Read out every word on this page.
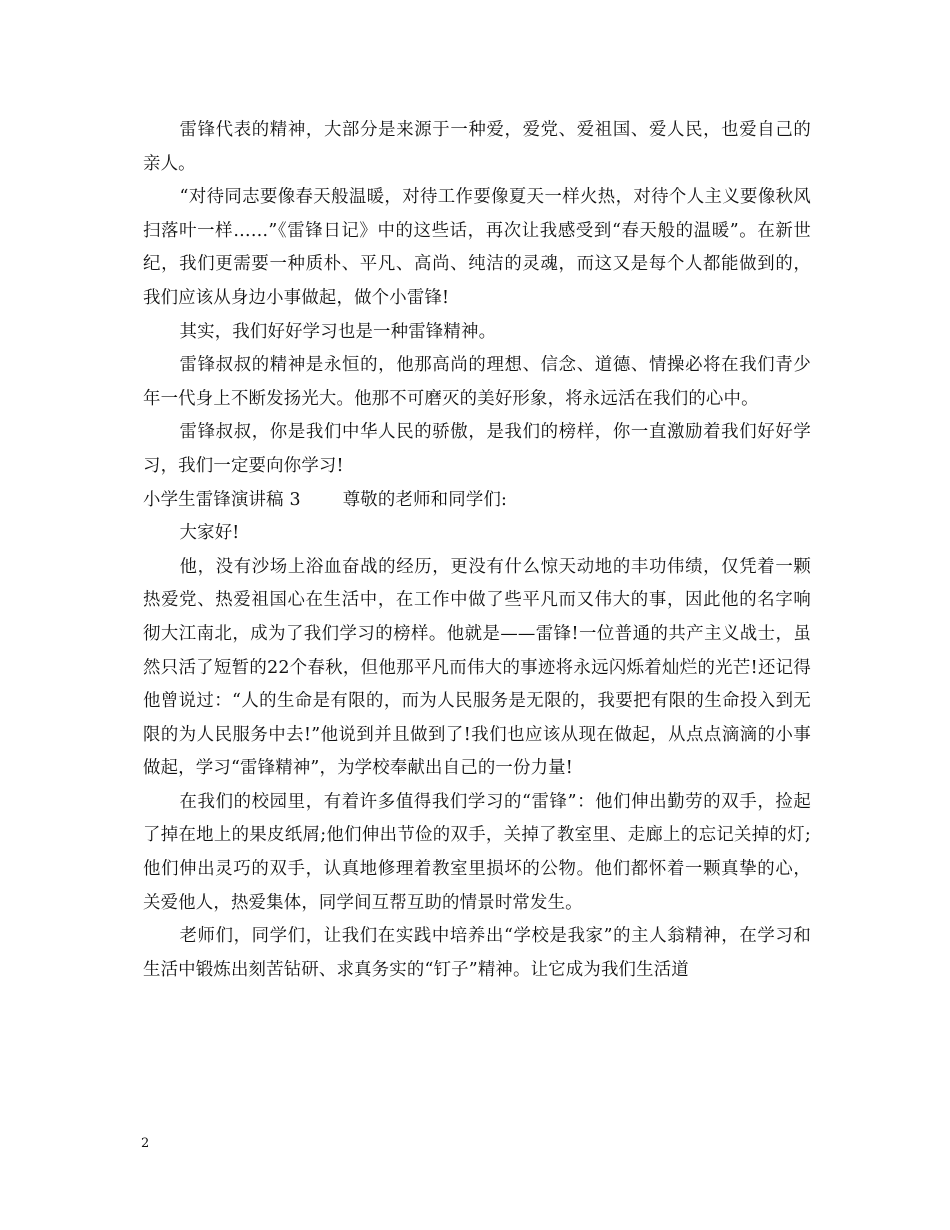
雷锋代表的精神，大部分是来源于一种爱，爱党、爱祖国、爱人民，也爱自己的亲人。

“对待同志要像春天般温暖，对待工作要像夏天一样火热，对待个人主义要像秋风扫落叶一样……”《雷锋日记》中的这些话，再次让我感受到“春天般的温暖”。在新世纪，我们更需要一种质朴、平凡、高尚、纯洁的灵魂，而这又是每个人都能做到的，我们应该从身边小事做起，做个小雷锋!

其实，我们好好学习也是一种雷锋精神。

雷锋叔叔的精神是永恒的，他那高尚的理想、信念、道德、情操必将在我们青少年一代身上不断发扬光大。他那不可磨灭的美好形象，将永远活在我们的心中。

雷锋叔叔，你是我们中华人民的骄傲，是我们的榜样，你一直激励着我们好好学习，我们一定要向你学习!

小学生雷锋演讲稿 3 尊敬的老师和同学们:

大家好!

他，没有沙场上浴血奋战的经历，更没有什么惊天动地的丰功伟绩，仅凭着一颗热爱党、热爱祖国心在生活中，在工作中做了些平凡而又伟大的事，因此他的名字响彻大江南北，成为了我们学习的榜样。他就是——雷锋!一位普通的共产主义战士，虽然只活了短暂的22个春秋，但他那平凡而伟大的事迹将永远闪烁着灿烂的光芒!还记得他曾说过：“人的生命是有限的，而为人民服务是无限的，我要把有限的生命投入到无限的为人民服务中去!”他说到并且做到了!我们也应该从现在做起，从点点滴滴的小事做起，学习“雷锋精神”，为学校奉献出自己的一份力量!

在我们的校园里，有着许多值得我们学习的“雷锋”：他们伸出勤劳的双手，捡起了掉在地上的果皮纸屑;他们伸出节俭的双手，关掉了教室里、走廊上的忘记关掉的灯;他们伸出灵巧的双手，认真地修理着教室里损坏的公物。他们都怀着一颗真挚的心，关爱他人，热爱集体，同学间互帮互助的情景时常发生。

老师们，同学们，让我们在实践中培养出“学校是我家”的主人翁精神，在学习和生活中锻炼出刻苦钻研、求真务实的“钉子”精神。让它成为我们生活道

2
